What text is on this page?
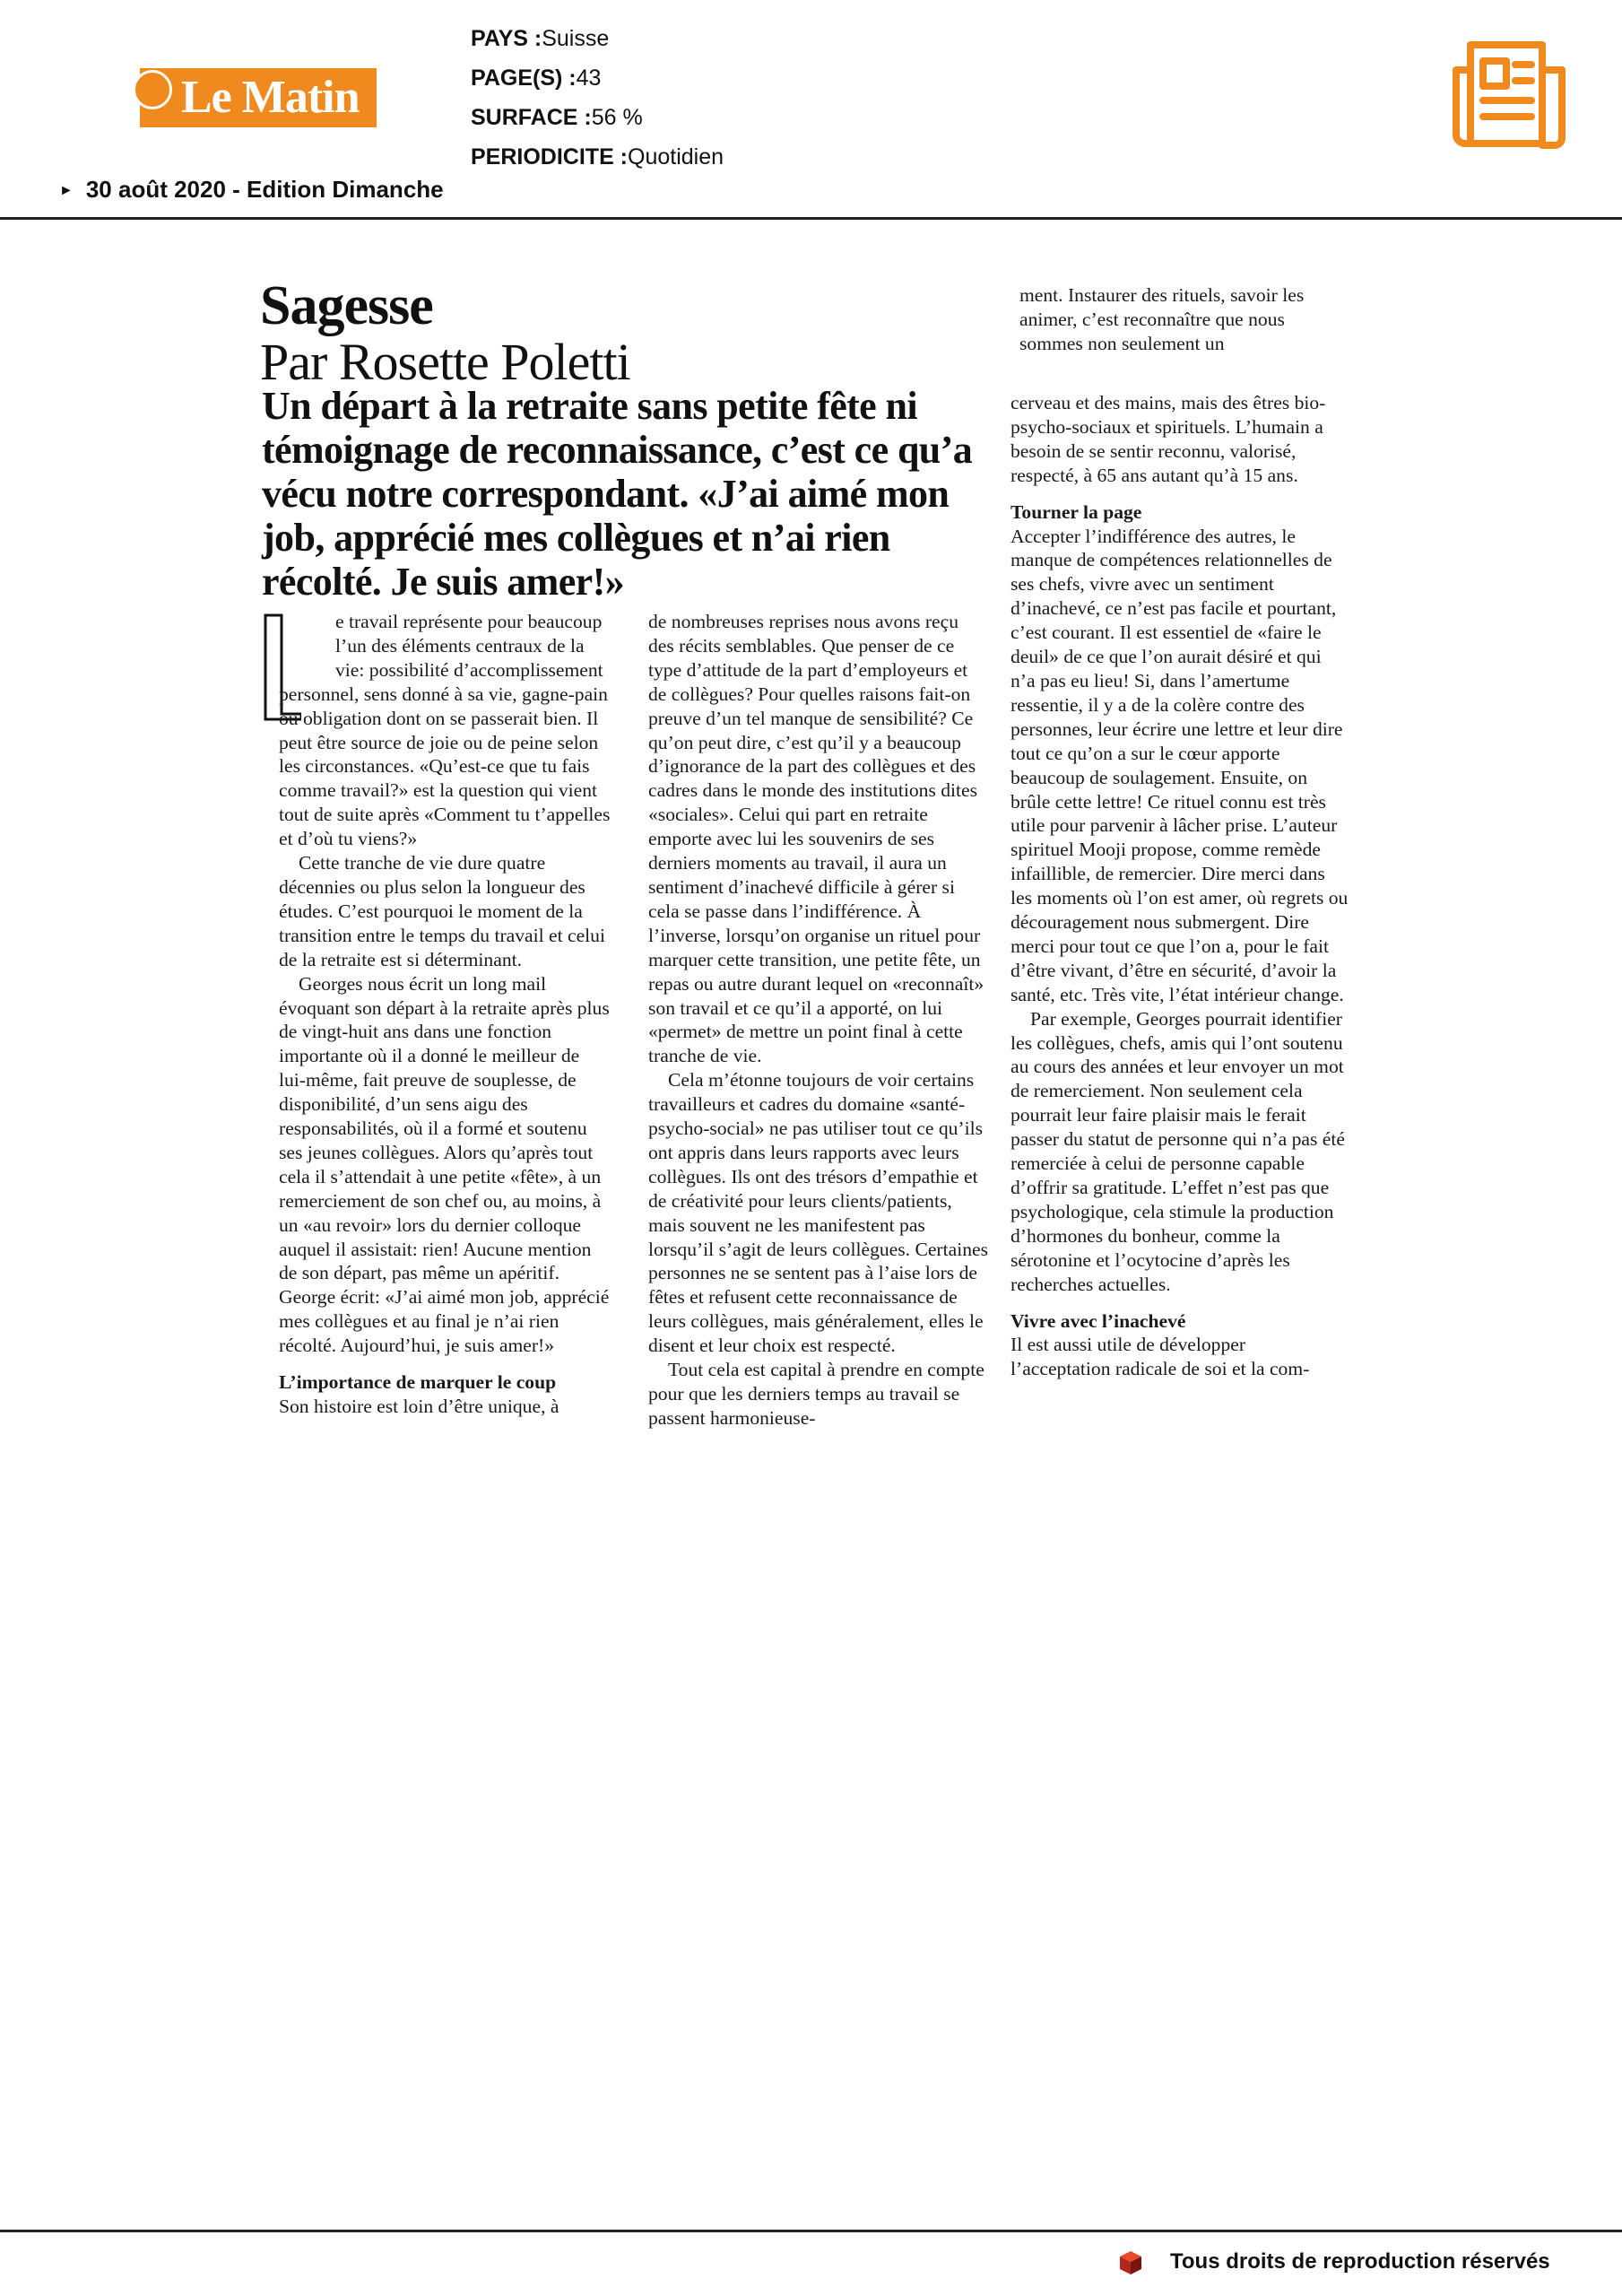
Le Matin
PAYS :Suisse
PAGE(S) :43
SURFACE :56 %
PERIODICITE :Quotidien
► 30 août 2020 - Edition Dimanche
Sagesse
Par Rosette Poletti
Un départ à la retraite sans petite fête ni témoignage de reconnaissance, c’est ce qu’a vécu notre correspondant. «J’ai aimé mon job, apprécié mes collègues et n’ai rien récolté. Je suis amer!»

e travail représente pour beaucoup l’un des éléments centraux de la vie: possibilité d’accomplissement

personnel, sens donné à sa vie, gagne-pain ou obligation dont on se passerait bien. Il peut être source de joie ou de peine selon les circonstances. «Qu’est-ce que tu fais comme travail?» est la question qui vient tout de suite après «Comment tu t’appelles et d’où tu viens?»

Cette tranche de vie dure quatre décennies ou plus selon la longueur des études. C’est pourquoi le moment de la transition entre le temps du travail et celui de la retraite est si déterminant.

Georges nous écrit un long mail évoquant son départ à la retraite après plus de vingt-huit ans dans une fonction importante où il a donné le meilleur de lui-même, fait preuve de souplesse, de disponibilité, d’un sens aigu des responsabilités, où il a formé et soutenu ses jeunes collègues. Alors qu’après tout cela il s’attendait à une petite «fête», à un remerciement de son chef ou, au moins, à un «au revoir» lors du dernier colloque auquel il assistait: rien! Aucune mention de son départ, pas même un apéritif. George écrit: «J’ai aimé mon job, apprécié mes collègues et au final je n’ai rien récolté. Aujourd’hui, je suis amer!»

L’importance de marquer le coup

Son histoire est loin d’être unique, à

de nombreuses reprises nous avons reçu des récits semblables. Que penser de ce type d’attitude de la part d’employeurs et de collègues? Pour quelles raisons fait-on preuve d’un tel manque de sensibilité? Ce qu’on peut dire, c’est qu’il y a beaucoup d’ignorance de la part des collègues et des cadres dans le monde des institutions dites «sociales». Celui qui part en retraite emporte avec lui les souvenirs de ses derniers moments au travail, il aura un sentiment d’inachevé difficile à gérer si cela se passe dans l’indifférence. À l’inverse, lorsqu’on organise un rituel pour marquer cette transition, une petite fête, un repas ou autre durant lequel on «reconnaît» son travail et ce qu’il a apporté, on lui «permet» de mettre un point final à cette tranche de vie.

Cela m’étonne toujours de voir certains travailleurs et cadres du domaine «santé-psycho-social» ne pas utiliser tout ce qu’ils ont appris dans leurs rapports avec leurs collègues. Ils ont des trésors d’empathie et de créativité pour leurs clients/patients, mais souvent ne les manifestent pas lorsqu’il s’agit de leurs collègues. Certaines personnes ne se sentent pas à l’aise lors de fêtes et refusent cette reconnaissance de leurs collègues, mais généralement, elles le disent et leur choix est respecté.

Tout cela est capital à prendre en compte pour que les derniers temps au travail se passent harmonieuse-

ment. Instaurer des rituels, savoir les animer, c’est reconnaître que nous sommes non seulement un

cerveau et des mains, mais des êtres bio-psycho-sociaux et spirituels. L’humain a besoin de se sentir reconnu, valorisé, respecté, à 65 ans autant qu’à 15 ans.

Tourner la page

Accepter l’indifférence des autres, le manque de compétences relationnelles de ses chefs, vivre avec un sentiment d’inachevé, ce n’est pas facile et pourtant, c’est courant. Il est essentiel de «faire le deuil» de ce que l’on aurait désiré et qui n’a pas eu lieu! Si, dans l’amertume ressentie, il y a de la colère contre des personnes, leur écrire une lettre et leur dire tout ce qu’on a sur le cœur apporte beaucoup de soulagement. Ensuite, on brûle cette lettre! Ce rituel connu est très utile pour parvenir à lâcher prise. L’auteur spirituel Mooji propose, comme remède infaillible, de remercier. Dire merci dans les moments où l’on est amer, où regrets ou découragement nous submergent. Dire merci pour tout ce que l’on a, pour le fait d’être vivant, d’être en sécurité, d’avoir la santé, etc. Très vite, l’état intérieur change.

Par exemple, Georges pourrait identifier les collègues, chefs, amis qui l’ont soutenu au cours des années et leur envoyer un mot de remerciement. Non seulement cela pourrait leur faire plaisir mais le ferait passer du statut de personne qui n’a pas été remerciée à celui de personne capable d’offrir sa gratitude. L’effet n’est pas que psychologique, cela stimule la production d’hormones du bonheur, comme la sérotonine et l’ocytocine d’après les recherches actuelles.

Vivre avec l’inachevé

Il est aussi utile de développer l’acceptation radicale de soi et la com-

Tous droits de reproduction réservés
